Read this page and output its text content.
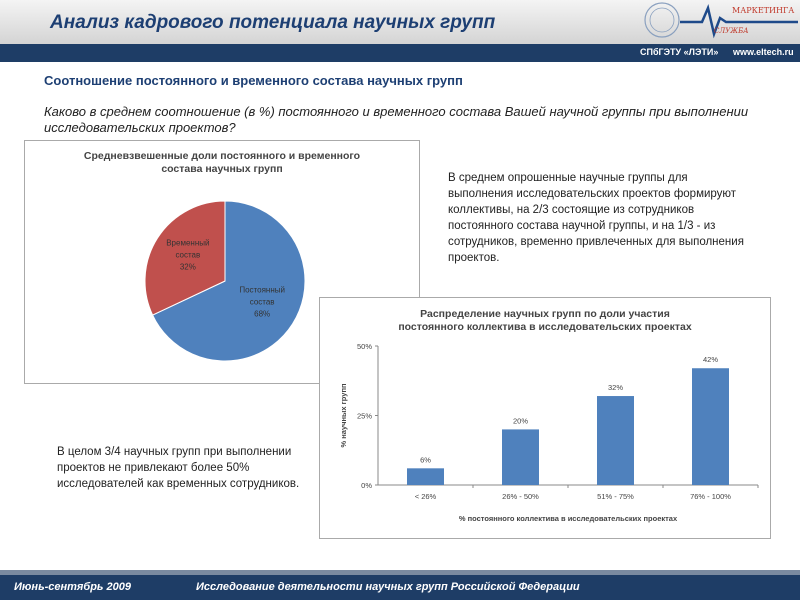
Анализ кадрового потенциала научных групп
МАРКЕТИНГА
СЛУЖБА
СПбГЭТУ «ЛЭТИ» www.eltech.ru
Соотношение постоянного и временного состава научных групп
Каково в среднем соотношение (в %) постоянного и временного состава Вашей научной группы при выполнении исследовательских проектов?
Средневзвешенные доли постоянного и временного
состава научных групп
Постоянный
состав
68%
Временный
состав
32%
В среднем опрошенные научные группы для выполнения исследовательских проектов формируют коллективы, на 2/3 состоящие из сотрудников постоянного состава научной группы, и на 1/3 - из сотрудников, временно привлеченных для выполнения проектов.
Распределение научных групп по доли участия
постоянного коллектива в исследовательских проектах
0%
25%
50%
6%
< 26%
20%
26% - 50%
32%
51% - 75%
42%
76% - 100%
% постоянного коллектива в исследовательских проектах
% научных групп
В целом 3/4 научных групп при выполнении проектов не привлекают более 50% исследователей как временных сотрудников.
Июнь-сентябрь 2009	Исследование деятельности научных групп Российской Федерации
